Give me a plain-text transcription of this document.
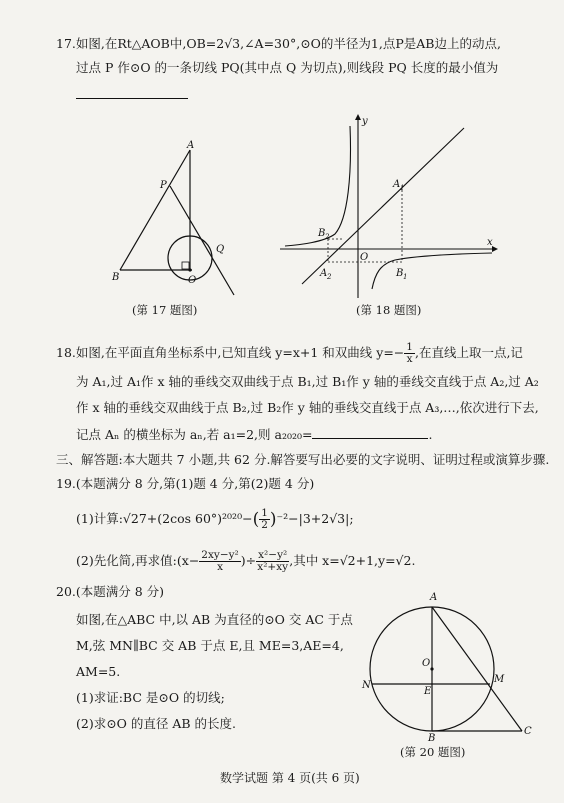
17.如图,在Rt△AOB中,OB=2√3,∠A=30°,⊙O的半径为1,点P是AB边上的动点,
过点 P 作⊙O 的一条切线 PQ(其中点 Q 为切点),则线段 PQ 长度的最小值为
A
P
B	O
Q
(第 17 题图)
y
x
O
A 1
A 2	B 1
B 2
(第 18 题图)
18.如图,在平面直角坐标系中,已知直线 y=x+1 和双曲线 $y=- \frac{1}{x}$ ,在直线上取一点,记
为 A₁,过 A₁作 x 轴的垂线交双曲线于点 B₁,过 B₁作 y 轴的垂线交直线于点 A₂,过 A₂
作 x 轴的垂线交双曲线于点 B₂,过 B₂作 y 轴的垂线交直线于点 A₃,…,依次进行下去,
记点 Aₙ 的横坐标为 aₙ,若 a₁=2,则 a₂₀₂₀=	.
三、解答题:本大题共 7 小题,共 62 分.解答要写出必要的文字说明、证明过程或演算步骤.
19.(本题满分 8 分,第(1)题 4 分,第(2)题 4 分)
(1)计算:√27+(2cos $60^\circ)^{2020}-( \frac{1}{2} )^{-2}-|3+2√3|$;
(2)先化简,再求值:(x− $\frac{\text{2xy−y²}}{x}$ )÷ $\frac{\text{x²−y²}}{\text{x²+xy}}$ ,其中 x=√2+1,y=√2.
20.(本题满分 8 分)
如图,在△ABC 中,以 AB 为直径的⊙O 交 AC 于点
M,弦 MN∥BC 交 AB 于点 E,且 ME=3,AE=4,
AM=5.
(1)求证:BC 是⊙O 的切线;
(2)求⊙O 的直径 AB 的长度.
A
O
N
E
M
B
C
(第 20 题图)
数学试题 第 4 页(共 6 页)
